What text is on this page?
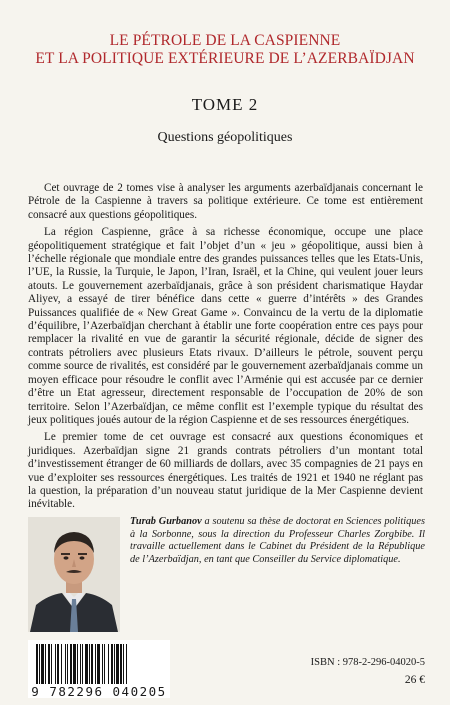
LE PÉTROLE DE LA CASPIENNE
ET LA POLITIQUE EXTÉRIEURE DE L’AZERBAÏDJAN
TOME 2
Questions géopolitiques

Cet ouvrage de 2 tomes vise à analyser les arguments azerbaïdjanais concernant le Pétrole de la Caspienne à travers sa politique extérieure. Ce tome est entièrement consacré aux questions géopolitiques.

La région Caspienne, grâce à sa richesse économique, occupe une place géopolitiquement stratégique et fait l’objet d’un « jeu » géopolitique, aussi bien à l’échelle régionale que mondiale entre des grandes puissances telles que les Etats-Unis, l’UE, la Russie, la Turquie, le Japon, l’Iran, Israël, et la Chine, qui veulent jouer leurs atouts. Le gouvernement azerbaïdjanais, grâce à son président charismatique Haydar Aliyev, a essayé de tirer bénéfice dans cette « guerre d’intérêts » des Grandes Puissances qualifiée de « New Great Game ». Convaincu de la vertu de la diplomatie d’équilibre, l’Azerbaïdjan cherchant à établir une forte coopération entre ces pays pour remplacer la rivalité en vue de garantir la sécurité régionale, décide de signer des contrats pétroliers avec plusieurs Etats rivaux. D’ailleurs le pétrole, souvent perçu comme source de rivalités, est considéré par le gouvernement azerbaïdjanais comme un moyen efficace pour résoudre le conflit avec l’Arménie qui est accusée par ce dernier d’être un Etat agresseur, directement responsable de l’occupation de 20% de son territoire. Selon l’Azerbaïdjan, ce même conflit est l’exemple typique du résultat des jeux politiques joués autour de la région Caspienne et de ses ressources énergétiques.

Le premier tome de cet ouvrage est consacré aux questions économiques et juridiques. Azerbaïdjan signe 21 grands contrats pétroliers d’un montant total d’investissement étranger de 60 milliards de dollars, avec 35 compagnies de 21 pays en vue d’exploiter ses ressources énergétiques. Les traités de 1921 et 1940 ne réglant pas la question, la préparation d’un nouveau statut juridique de la Mer Caspienne devient inévitable.

Turab Gurbanov a soutenu sa thèse de doctorat en Sciences politiques à la Sorbonne, sous la direction du Professeur Charles Zorgbibe. Il travaille actuellement dans le Cabinet du Président de la République de l’Azerbaïdjan, en tant que Conseiller du Service diplomatique.
9 782296 040205
ISBN : 978-2-296-04020-5
26 €
